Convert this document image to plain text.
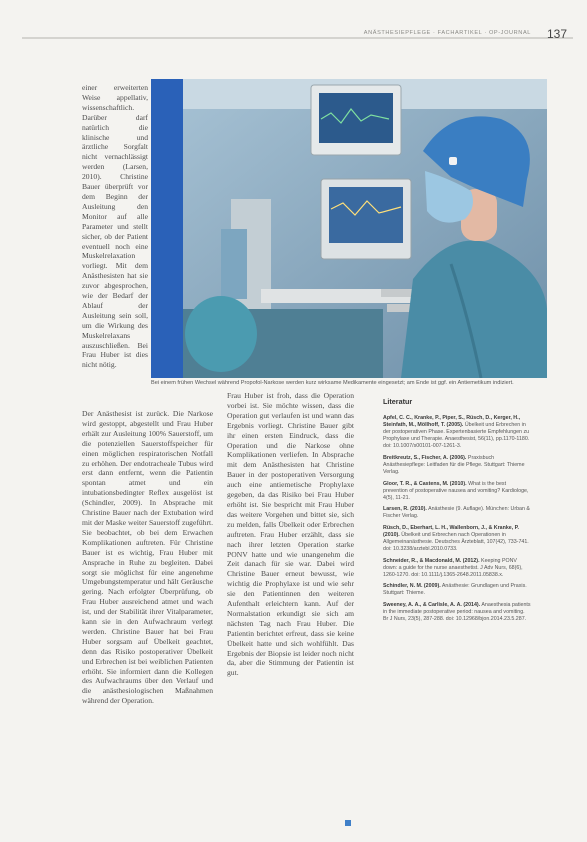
ANÄSTHESIEPFLEGE · FACHARTIKEL · OP-JOURNAL 137
Bei einem frühen Wechsel während Propofol-Narkose werden kurz wirksame Medikamente eingesetzt; am Ende ist ggf. ein Antiemetikum indiziert.

einer erweiterten Weise appellativ, wissenschaftlich. Darüber darf natürlich die klinische und ärztliche Sorgfalt nicht vernachlässigt werden (Larsen, 2010). Christine Bauer überprüft vor dem Beginn der Ausleitung den Monitor auf alle Parameter und stellt sicher, ob der Patient eventuell noch eine Muskelrelaxation vorliegt. Mit dem Anästhesisten hat sie zuvor abgesprochen, wie der Bedarf der Ablauf der Ausleitung sein soll, um die Wirkung des Muskelrelaxans auszuschließen. Bei Frau Huber ist dies nicht nötig.

Der Anästhesist ist zurück. Die Narkose wird gestoppt, abgestellt und Frau Huber erhält zur Ausleitung 100% Sauerstoff, um die potenziellen Sauerstoffspeicher für einen möglichen respiratorischen Notfall zu erhöhen. Der endotracheale Tubus wird erst dann entfernt, wenn die Patientin spontan atmet und ein intubationsbedingter Reflex ausgelöst ist (Schindler, 2009). In Absprache mit Christine Bauer nach der Extubation wird mit der Maske weiter Sauerstoff zugeführt. Sie beobachtet, ob bei dem Erwachen Komplikationen auftreten. Für Christine Bauer ist es wichtig, Frau Huber mit Ansprache in Ruhe zu begleiten. Dabei sorgt sie möglichst für eine angenehme Umgebungstemperatur und hält Geräusche gering. Nach erfolgter Überprüfung, ob Frau Huber ausreichend atmet und wach ist, und der Stabilität ihrer Vitalparameter, kann sie in den Aufwachraum verlegt werden. Christine Bauer hat bei Frau Huber sorgsam auf Übelkeit geachtet, denn das Risiko postoperativer Übelkeit und Erbrechen ist bei weiblichen Patienten erhöht. Sie informiert dann die Kollegen des Aufwachraums über den Verlauf und die anästhesiologischen Maßnahmen während der Operation.

Frau Huber ist froh, dass die Operation vorbei ist. Sie möchte wissen, dass die Operation gut verlaufen ist und wann das Ergebnis vorliegt. Christine Bauer gibt ihr einen ersten Eindruck, dass die Operation und die Narkose ohne Komplikationen verliefen. In Absprache mit dem Anästhesisten hat Christine Bauer in der postoperativen Versorgung auch eine antiemetische Prophylaxe gegeben, da das Risiko bei Frau Huber erhöht ist. Sie bespricht mit Frau Huber das weitere Vorgehen und bittet sie, sich zu melden, falls Übelkeit oder Erbrechen auftreten. Frau Huber erzählt, dass sie nach ihrer letzten Operation starke PONV hatte und wie unangenehm die Zeit danach für sie war. Dabei wird Christine Bauer erneut bewusst, wie wichtig die Prophylaxe ist und wie sehr sie den Patientinnen den weiteren Aufenthalt erleichtern kann. Auf der Normalstation erkundigt sie sich am nächsten Tag nach Frau Huber. Die Patientin berichtet erfreut, dass sie keine Übelkeit hatte und sich wohlfühlt. Das Ergebnis der Biopsie ist leider noch nicht da, aber die Stimmung der Patientin ist gut.

Literatur
Apfel, C. C., Kranke, P., Piper, S., Rüsch, D., Kerger, H., Steinfath, M., Möllhoff, T. (2005). Übelkeit und Erbrechen in der postoperativen Phase. Expertenbasierte Empfehlungen zu Prophylaxe und Therapie. Anaesthesist, 56(11), pp.1170-1180. doi: 10.1007/s00101-007-1261-3.
Breitkreutz, S., Fischer, A. (2006). Praxisbuch Anästhesiepflege: Leitfaden für die Pflege. Stuttgart: Thieme Verlag.
Gloor, T. R., & Castens, M. (2010). What is the best prevention of postoperative nausea and vomiting? Kardiologe, 4(5), 11-21.
Larsen, R. (2010). Anästhesie (9. Auflage). München: Urban & Fischer Verlag.
Rüsch, D., Eberhart, L. H., Wallenborn, J., & Kranke, P. (2010). Übelkeit und Erbrechen nach Operationen in Allgemeinanästhesie. Deutsches Ärzteblatt, 107(42), 733-741. doi: 10.3238/arztebl.2010.0733.
Schneider, R., & Macdonald, M. (2012). Keeping PONV down: a guide for the nurse anaesthetist. J Adv Nurs, 68(6), 1260-1270. doi: 10.1111/j.1365-2648.2011.05838.x.
Schindler, N. M. (2009). Anästhesie: Grundlagen und Praxis. Stuttgart: Thieme.
Sweeney, A. A., & Carlisle, A. A. (2014). Anaesthesia patients in the immediate postoperative period: nausea and vomiting. Br J Nurs, 23(5), 287-288. doi: 10.12968/bjon.2014.23.5.287.
